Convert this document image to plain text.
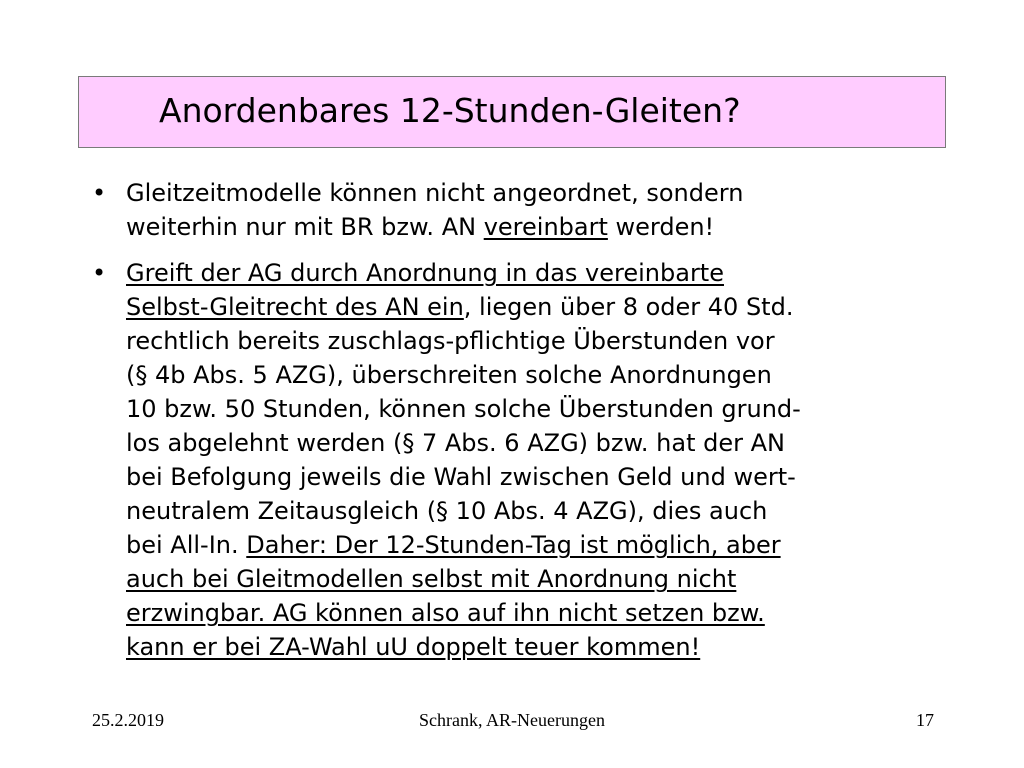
Anordenbares 12-Stunden-Gleiten?
• Gleitzeitmodelle können nicht angeordnet, sondern
weiterhin nur mit BR bzw. AN vereinbart werden!
• Greift der AG durch Anordnung in das vereinbarte
Selbst-Gleitrecht des AN ein, liegen über 8 oder 40 Std.
rechtlich bereits zuschlags-pflichtige Überstunden vor
(§ 4b Abs. 5 AZG), überschreiten solche Anordnungen
10 bzw. 50 Stunden, können solche Überstunden grund-
los abgelehnt werden (§ 7 Abs. 6 AZG) bzw. hat der AN
bei Befolgung jeweils die Wahl zwischen Geld und wert-
neutralem Zeitausgleich (§ 10 Abs. 4 AZG), dies auch
bei All-In. Daher: Der 12-Stunden-Tag ist möglich, aber
auch bei Gleitmodellen selbst mit Anordnung nicht
erzwingbar. AG können also auf ihn nicht setzen bzw.
kann er bei ZA-Wahl uU doppelt teuer kommen!
25.2.2019	Schrank, AR-Neuerungen	17
